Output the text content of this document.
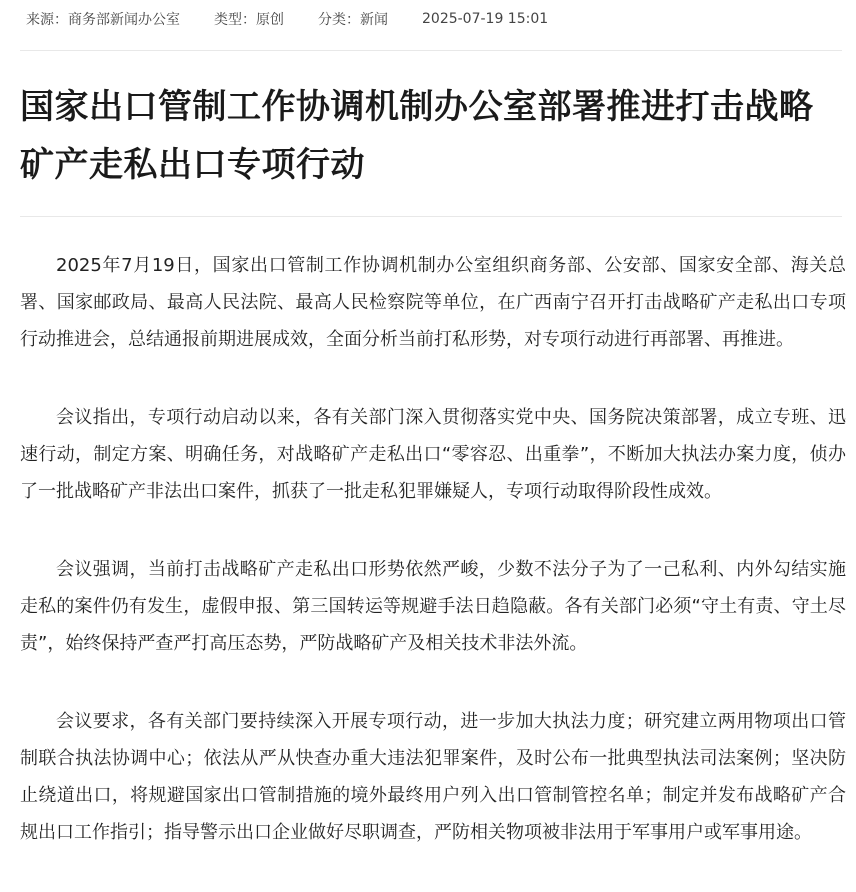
来源： 商务部新闻办公室 类型： 原创 分类： 新闻 2025-07-19 15:01
国家出口管制工作协调机制办公室部署推进打击战略矿产走私出口专项行动

2025年7月19日，国家出口管制工作协调机制办公室组织商务部、公安部、国家安全部、海关总署、国家邮政局、最高人民法院、最高人民检察院等单位，在广西南宁召开打击战略矿产走私出口专项行动推进会，总结通报前期进展成效，全面分析当前打私形势，对专项行动进行再部署、再推进。

会议指出，专项行动启动以来，各有关部门深入贯彻落实党中央、国务院决策部署，成立专班、迅速行动，制定方案、明确任务，对战略矿产走私出口“零容忍、出重拳”，不断加大执法办案力度，侦办了一批战略矿产非法出口案件，抓获了一批走私犯罪嫌疑人，专项行动取得阶段性成效。

会议强调，当前打击战略矿产走私出口形势依然严峻，少数不法分子为了一己私利、内外勾结实施走私的案件仍有发生，虚假申报、第三国转运等规避手法日趋隐蔽。各有关部门必须“守土有责、守土尽责”，始终保持严查严打高压态势，严防战略矿产及相关技术非法外流。

会议要求，各有关部门要持续深入开展专项行动，进一步加大执法力度；研究建立两用物项出口管制联合执法协调中心；依法从严从快查办重大违法犯罪案件，及时公布一批典型执法司法案例；坚决防止绕道出口，将规避国家出口管制措施的境外最终用户列入出口管制管控名单；制定并发布战略矿产合规出口工作指引；指导警示出口企业做好尽职调查，严防相关物项被非法用于军事用户或军事用途。
